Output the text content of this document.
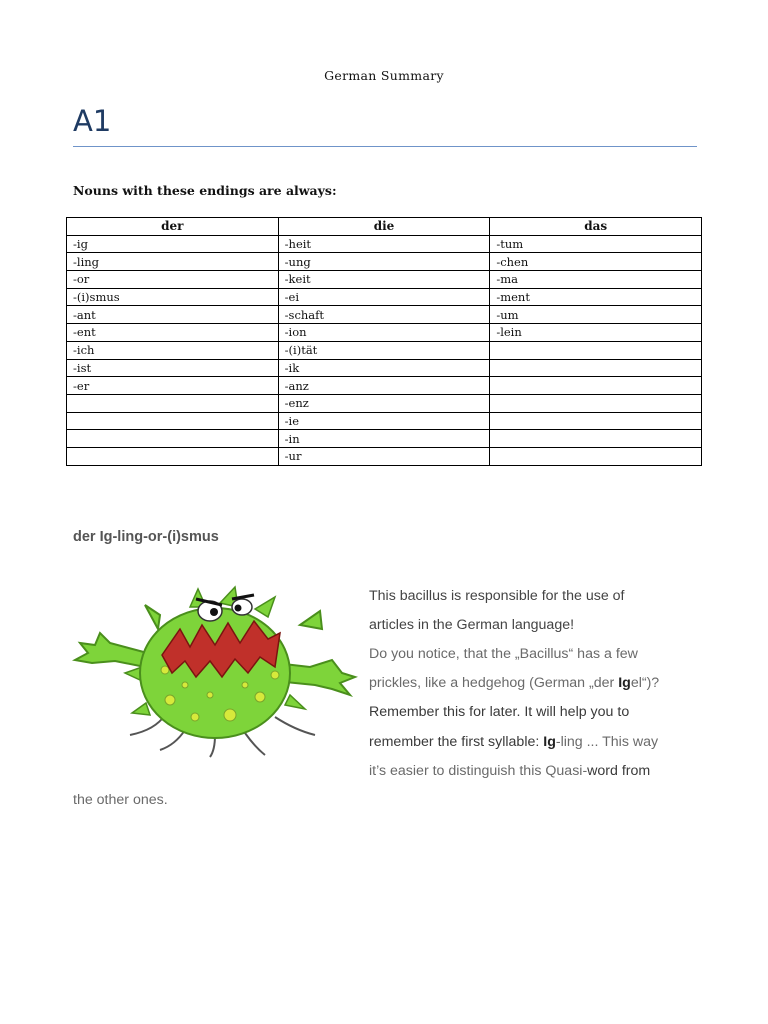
German Summary
A1
Nouns with these endings are always:
der	die	das
-ig	-heit	-tum
-ling	-ung	-chen
-or	-keit	-ma
-(i)smus	-ei	-ment
-ant	-schaft	-um
-ent	-ion	-lein
-ich	-(i)tät	
-ist	-ik	
-er	-anz	
	-enz	
	-ie	
	-in	
	-ur	
der Ig-ling-or-(i)smus
This bacillus is responsible for the use of
articles in the German language!
Do you notice, that the „Bacillus“ has a few
prickles, like a hedgehog (German „der Igel“)?
Remember this for later. It will help you to
remember the first syllable: Ig-ling ... This way
it’s easier to distinguish this Quasi-word from
the other ones.
